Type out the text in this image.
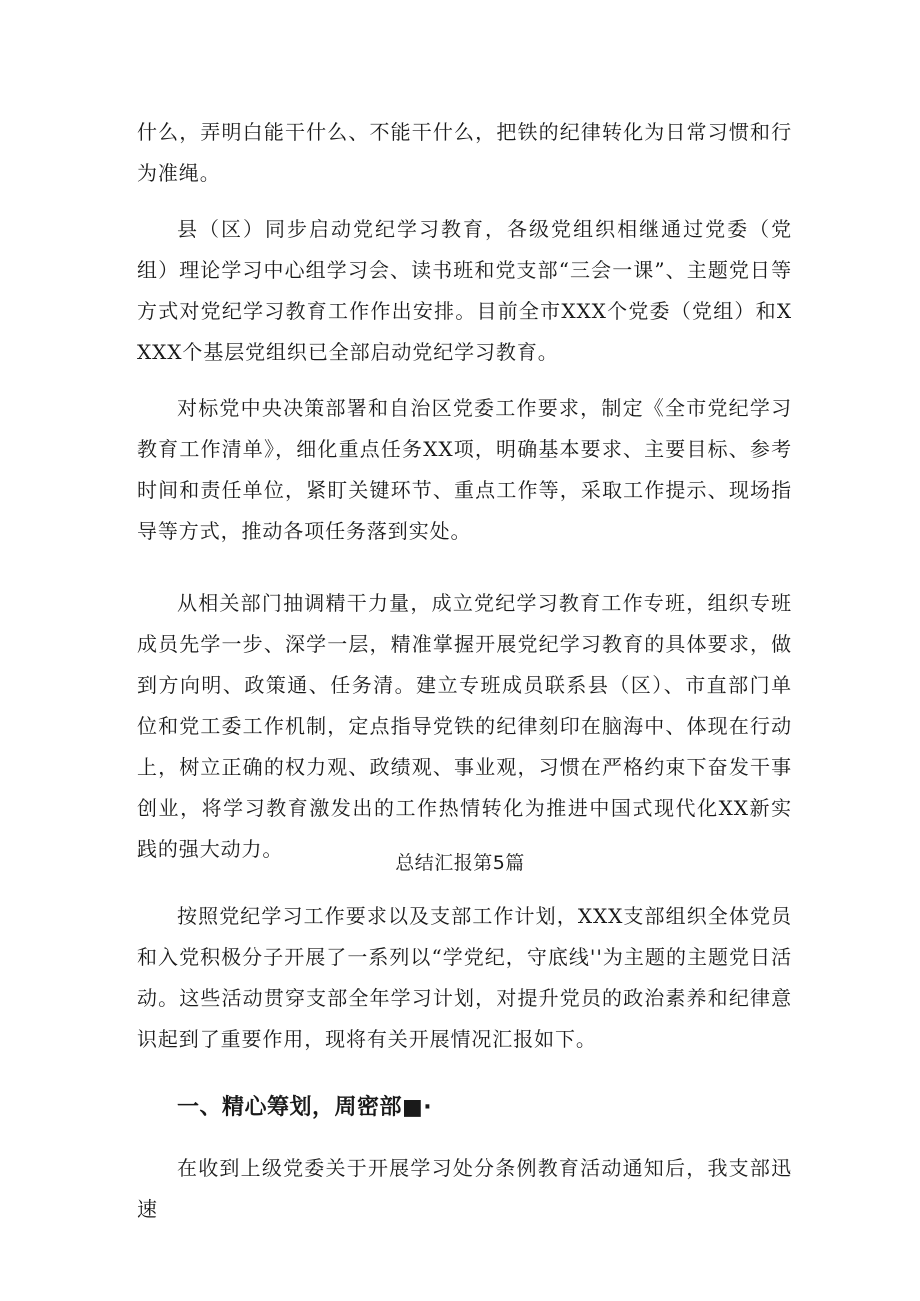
什么，弄明白能干什么、不能干什么，把铁的纪律转化为日常习惯和行为准绳。

县（区）同步启动党纪学习教育，各级党组织相继通过党委（党组）理论学习中心组学习会、读书班和党支部“三会一课”、主题党日等方式对党纪学习教育工作作出安排。目前全市XXX个党委（党组）和XXXX个基层党组织已全部启动党纪学习教育。

对标党中央决策部署和自治区党委工作要求，制定《全市党纪学习教育工作清单》，细化重点任务XX项，明确基本要求、主要目标、参考时间和责任单位，紧盯关键环节、重点工作等，采取工作提示、现场指导等方式，推动各项任务落到实处。

从相关部门抽调精干力量，成立党纪学习教育工作专班，组织专班成员先学一步、深学一层，精准掌握开展党纪学习教育的具体要求，做到方向明、政策通、任务清。建立专班成员联系县（区）、市直部门单位和党工委工作机制，定点指导党铁的纪律刻印在脑海中、体现在行动上，树立正确的权力观、政绩观、事业观，习惯在严格约束下奋发干事创业，将学习教育激发出的工作热情转化为推进中国式现代化XX新实践的强大动力。

总结汇报第5篇

按照党纪学习工作要求以及支部工作计划，XXX支部组织全体党员和入党积极分子开展了一系列以“学党纪，守底线''为主题的主题党日活动。这些活动贯穿支部全年学习计划，对提升党员的政治素养和纪律意识起到了重要作用，现将有关开展情况汇报如下。

一、精心筹划，周密部■·

在收到上级党委关于开展学习处分条例教育活动通知后，我支部迅速
